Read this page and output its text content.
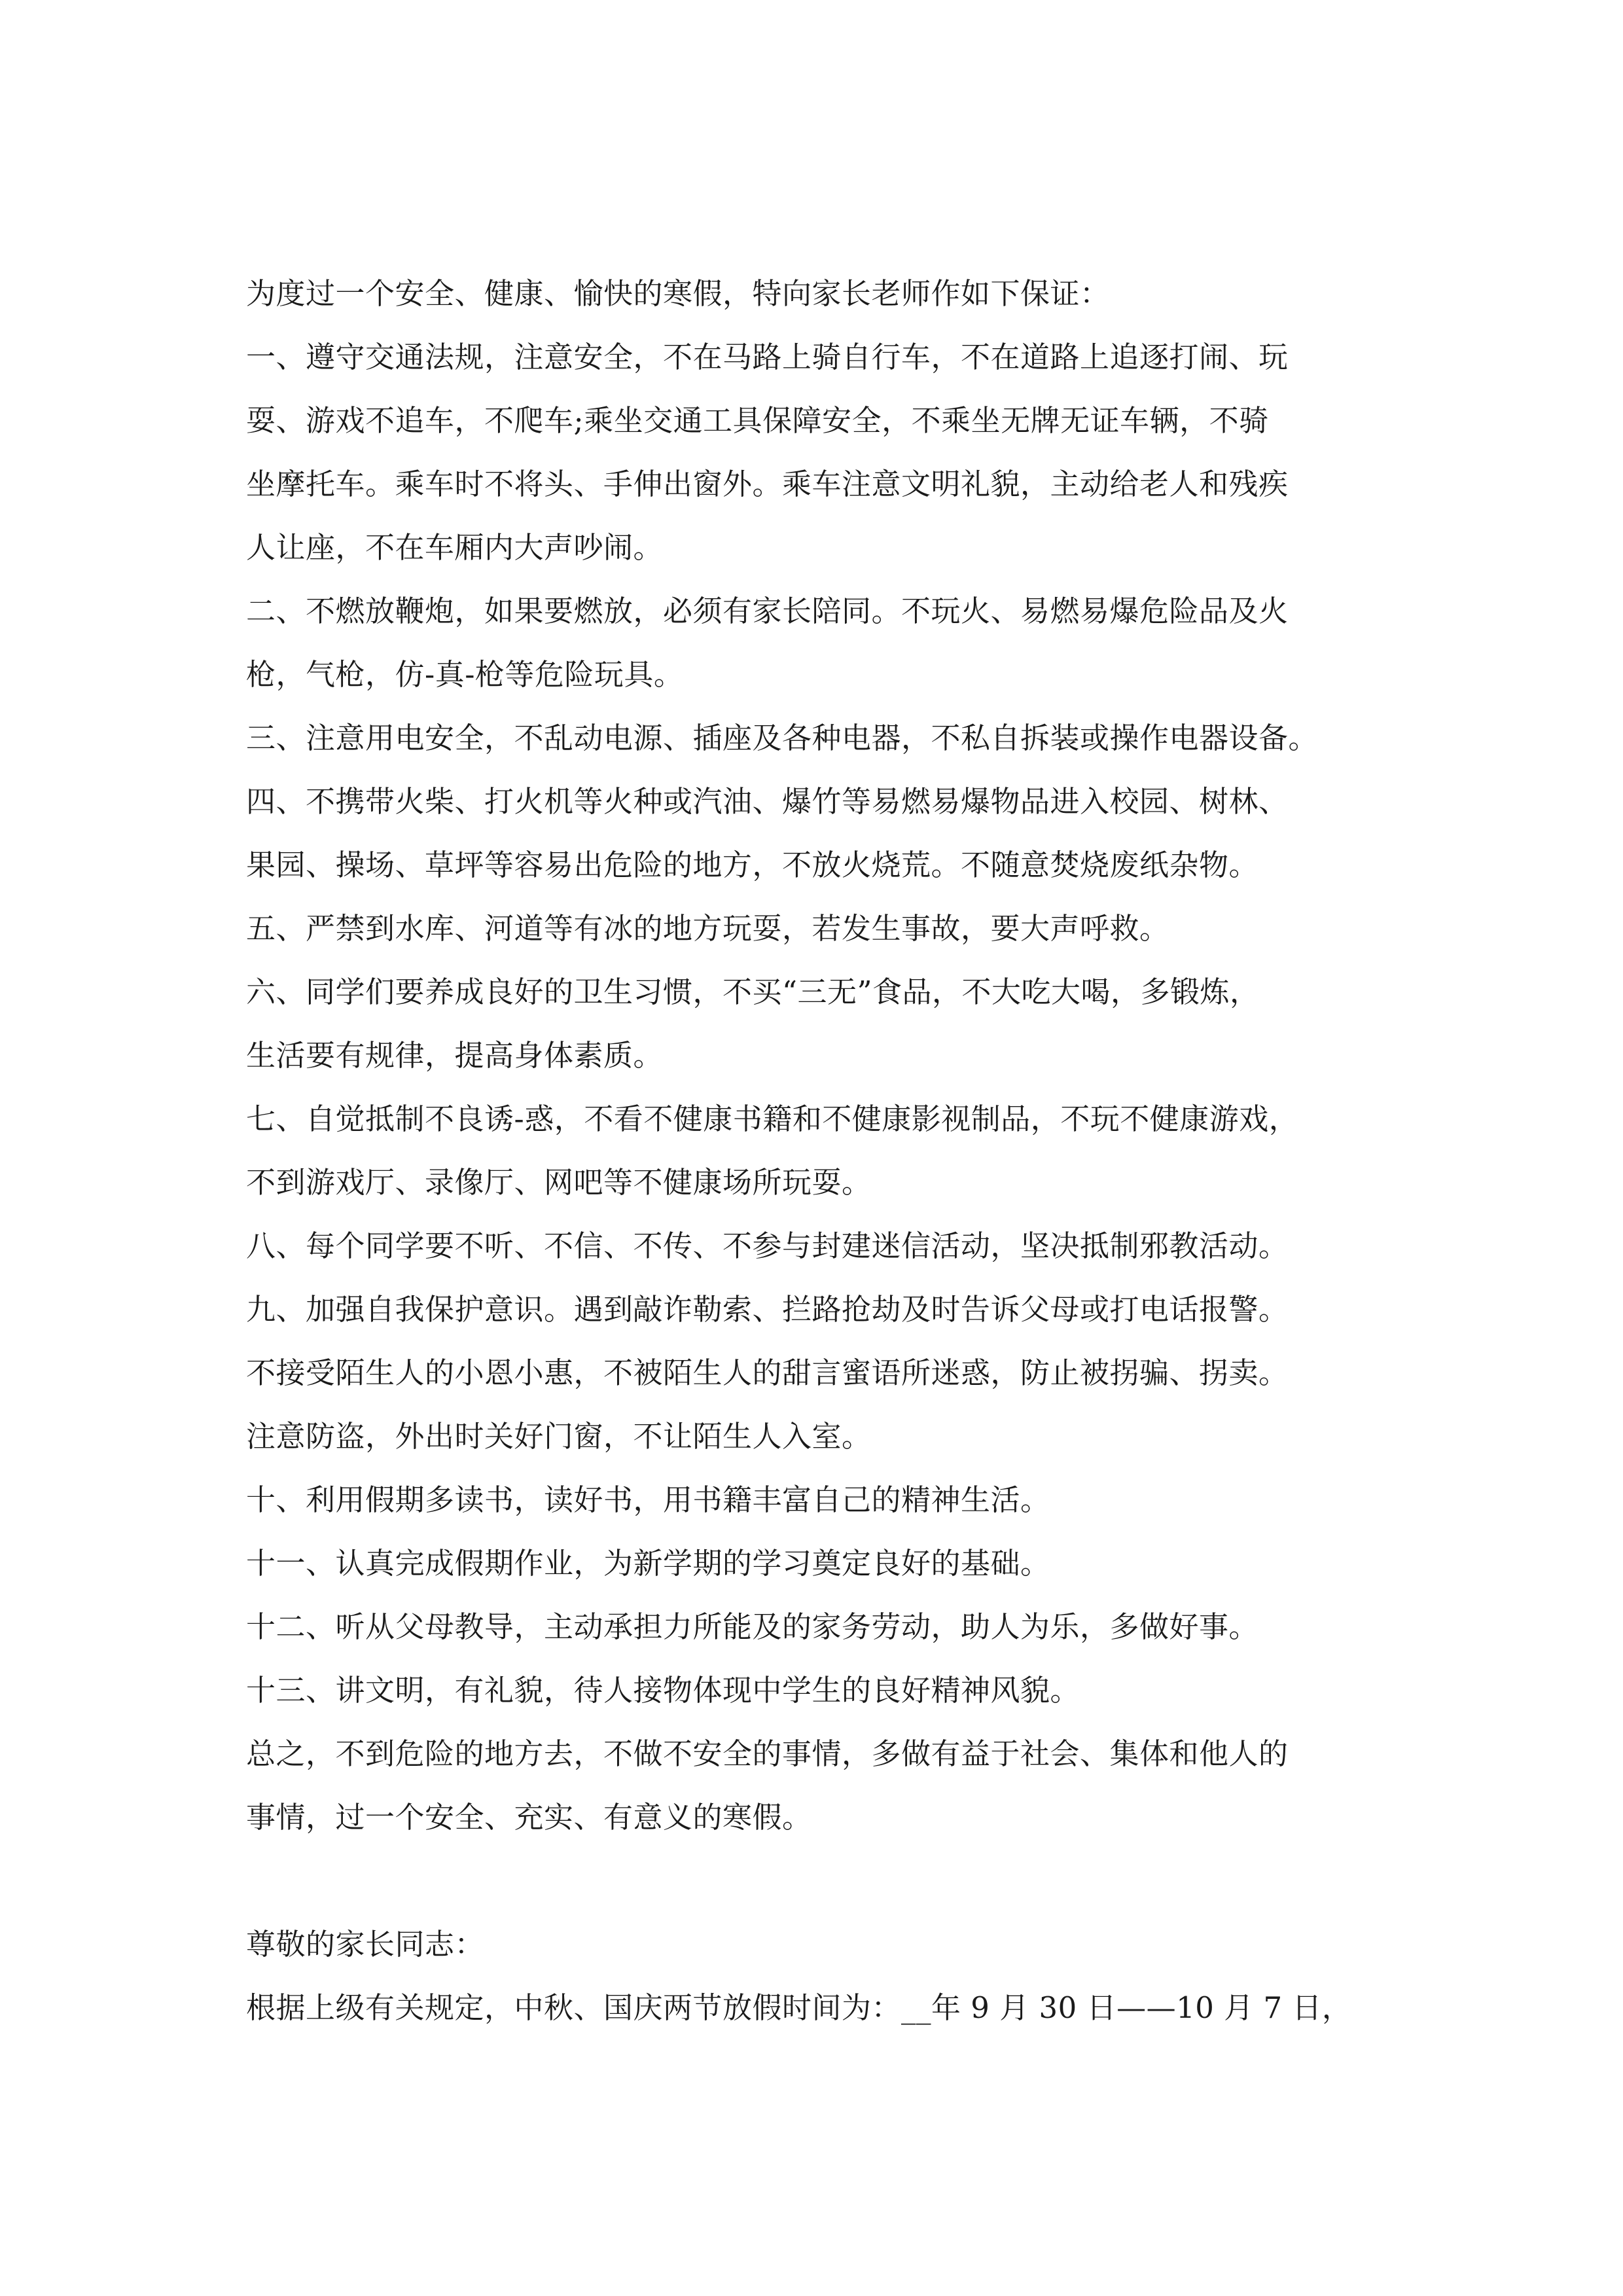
为度过一个安全、健康、愉快的寒假，特向家长老师作如下保证：

一、遵守交通法规，注意安全，不在马路上骑自行车，不在道路上追逐打闹、玩

耍、游戏不追车，不爬车;乘坐交通工具保障安全，不乘坐无牌无证车辆，不骑

坐摩托车。乘车时不将头、手伸出窗外。乘车注意文明礼貌，主动给老人和残疾

人让座，不在车厢内大声吵闹。

二、不燃放鞭炮，如果要燃放，必须有家长陪同。不玩火、易燃易爆危险品及火

枪，气枪，仿-真-枪等危险玩具。

三、注意用电安全，不乱动电源、插座及各种电器，不私自拆装或操作电器设备。

四、不携带火柴、打火机等火种或汽油、爆竹等易燃易爆物品进入校园、树林、

果园、操场、草坪等容易出危险的地方，不放火烧荒。不随意焚烧废纸杂物。

五、严禁到水库、河道等有冰的地方玩耍，若发生事故，要大声呼救。

六、同学们要养成良好的卫生习惯，不买“三无”食品，不大吃大喝，多锻炼，

生活要有规律，提高身体素质。

七、自觉抵制不良诱-惑，不看不健康书籍和不健康影视制品，不玩不健康游戏，

不到游戏厅、录像厅、网吧等不健康场所玩耍。

八、每个同学要不听、不信、不传、不参与封建迷信活动，坚决抵制邪教活动。

九、加强自我保护意识。遇到敲诈勒索、拦路抢劫及时告诉父母或打电话报警。

不接受陌生人的小恩小惠，不被陌生人的甜言蜜语所迷惑，防止被拐骗、拐卖。

注意防盗，外出时关好门窗，不让陌生人入室。

十、利用假期多读书，读好书，用书籍丰富自己的精神生活。

十一、认真完成假期作业，为新学期的学习奠定良好的基础。

十二、听从父母教导，主动承担力所能及的家务劳动，助人为乐，多做好事。

十三、讲文明，有礼貌，待人接物体现中学生的良好精神风貌。

总之，不到危险的地方去，不做不安全的事情，多做有益于社会、集体和他人的

事情，过一个安全、充实、有意义的寒假。

尊敬的家长同志：

根据上级有关规定，中秋、国庆两节放假时间为：__年 9 月 30 日——10 月 7 日，
